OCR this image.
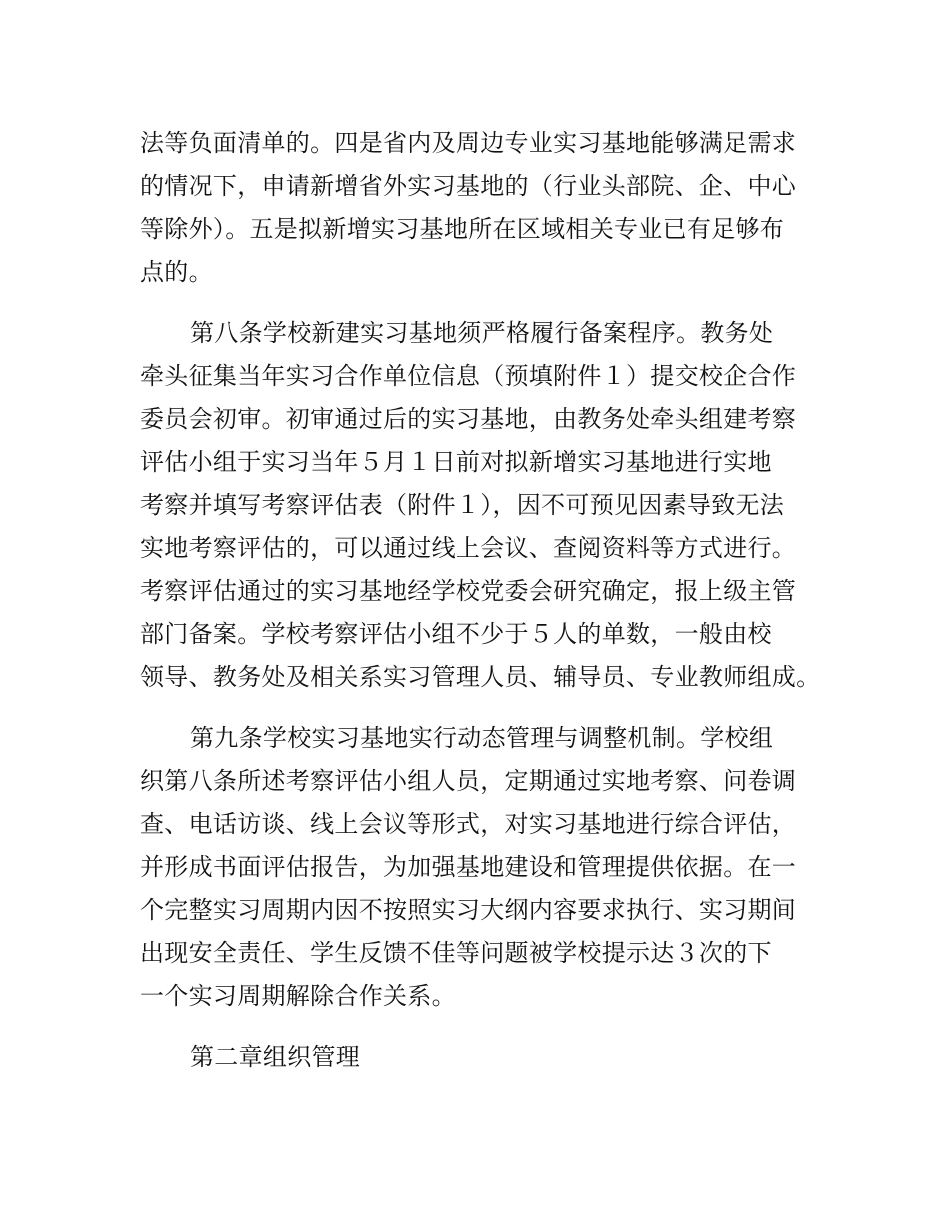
法等负面清单的。四是省内及周边专业实习基地能够满足需求
的情况下，申请新增省外实习基地的（行业头部院、企、中心
等除外）。五是拟新增实习基地所在区域相关专业已有足够布
点的。
第八条学校新建实习基地须严格履行备案程序。教务处
牵头征集当年实习合作单位信息（预填附件１）提交校企合作
委员会初审。初审通过后的实习基地，由教务处牵头组建考察
评估小组于实习当年５月１日前对拟新增实习基地进行实地
考察并填写考察评估表（附件１），因不可预见因素导致无法
实地考察评估的，可以通过线上会议、查阅资料等方式进行。
考察评估通过的实习基地经学校党委会研究确定，报上级主管
部门备案。学校考察评估小组不少于５人的单数，一般由校
领导、教务处及相关系实习管理人员、辅导员、专业教师组成。
第九条学校实习基地实行动态管理与调整机制。学校组
织第八条所述考察评估小组人员，定期通过实地考察、问卷调
查、电话访谈、线上会议等形式，对实习基地进行综合评估，
并形成书面评估报告，为加强基地建设和管理提供依据。在一
个完整实习周期内因不按照实习大纲内容要求执行、实习期间
出现安全责任、学生反馈不佳等问题被学校提示达３次的下
一个实习周期解除合作关系。
第二章组织管理
